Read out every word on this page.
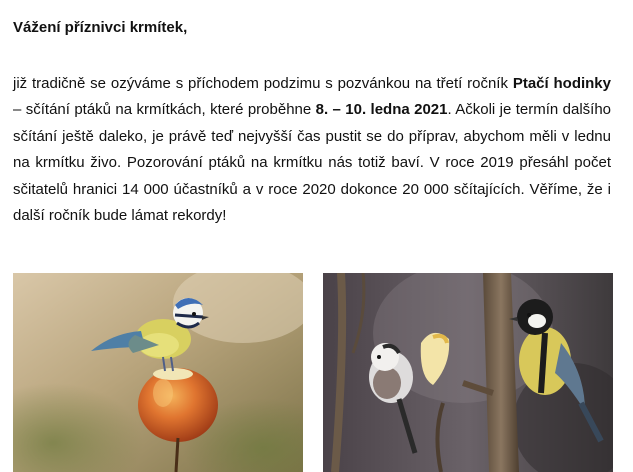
Vážení příznivci krmítek,

již tradičně se ozýváme s příchodem podzimu s pozvánkou na třetí ročník Ptačí hodinky – sčítání ptáků na krmítkách, které proběhne 8. – 10. ledna 2021. Ačkoli je termín dalšího sčítání ještě daleko, je právě teď nejvyšší čas pustit se do příprav, abychom měli v lednu na krmítku živo. Pozorování ptáků na krmítku nás totiž baví. V roce 2019 přesáhl počet sčitatelů hranici 14 000 účastníků a v roce 2020 dokonce 20 000 sčítajících. Věříme, že i další ročník bude lámat rekordy!
